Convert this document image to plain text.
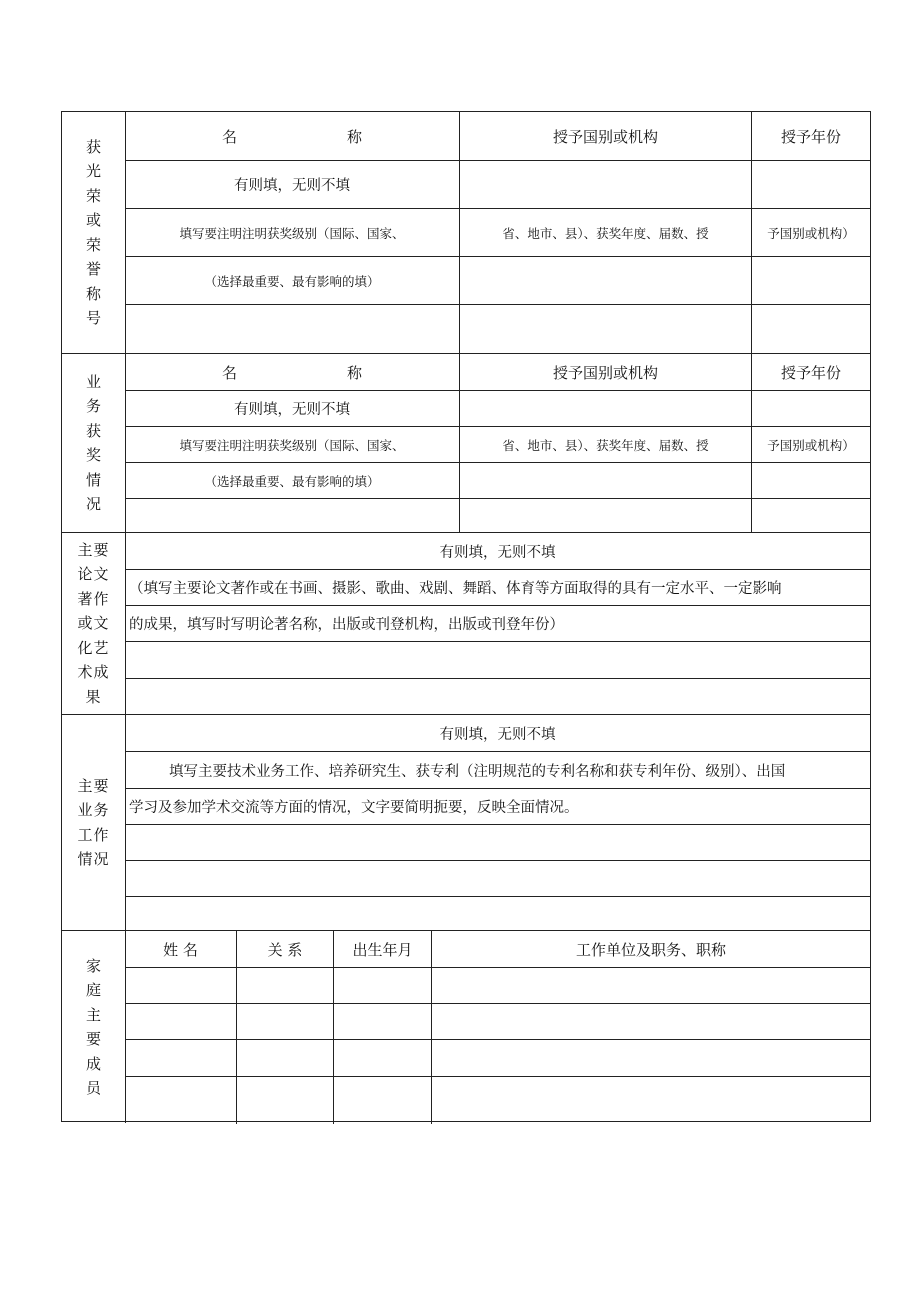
获光荣或荣誉称号
名	称	授予国别或机构	授予年份
有则填，无则不填
填写要注明注明获奖级别（国际、国家、	省、地市、县）、获奖年度、届数、授	予国别或机构）
（选择最重要、最有影响的填）
业务获奖情况
名	称	授予国别或机构	授予年份
有则填，无则不填
填写要注明注明获奖级别（国际、国家、	省、地市、县）、获奖年度、届数、授	予国别或机构）
（选择最重要、最有影响的填）
主要论文著作或文化艺术成果
有则填，无则不填
（填写主要论文著作或在书画、摄影、歌曲、戏剧、舞蹈、体育等方面取得的具有一定水平、一定影响
的成果，填写时写明论著名称，出版或刊登机构，出版或刊登年份）
主要业务工作情况
有则填，无则不填
填写主要技术业务工作、培养研究生、获专利（注明规范的专利名称和获专利年份、级别）、出国
学习及参加学术交流等方面的情况，文字要简明扼要，反映全面情况。
家庭主要成员
姓 名	关 系	出生年月	工作单位及职务、职称
